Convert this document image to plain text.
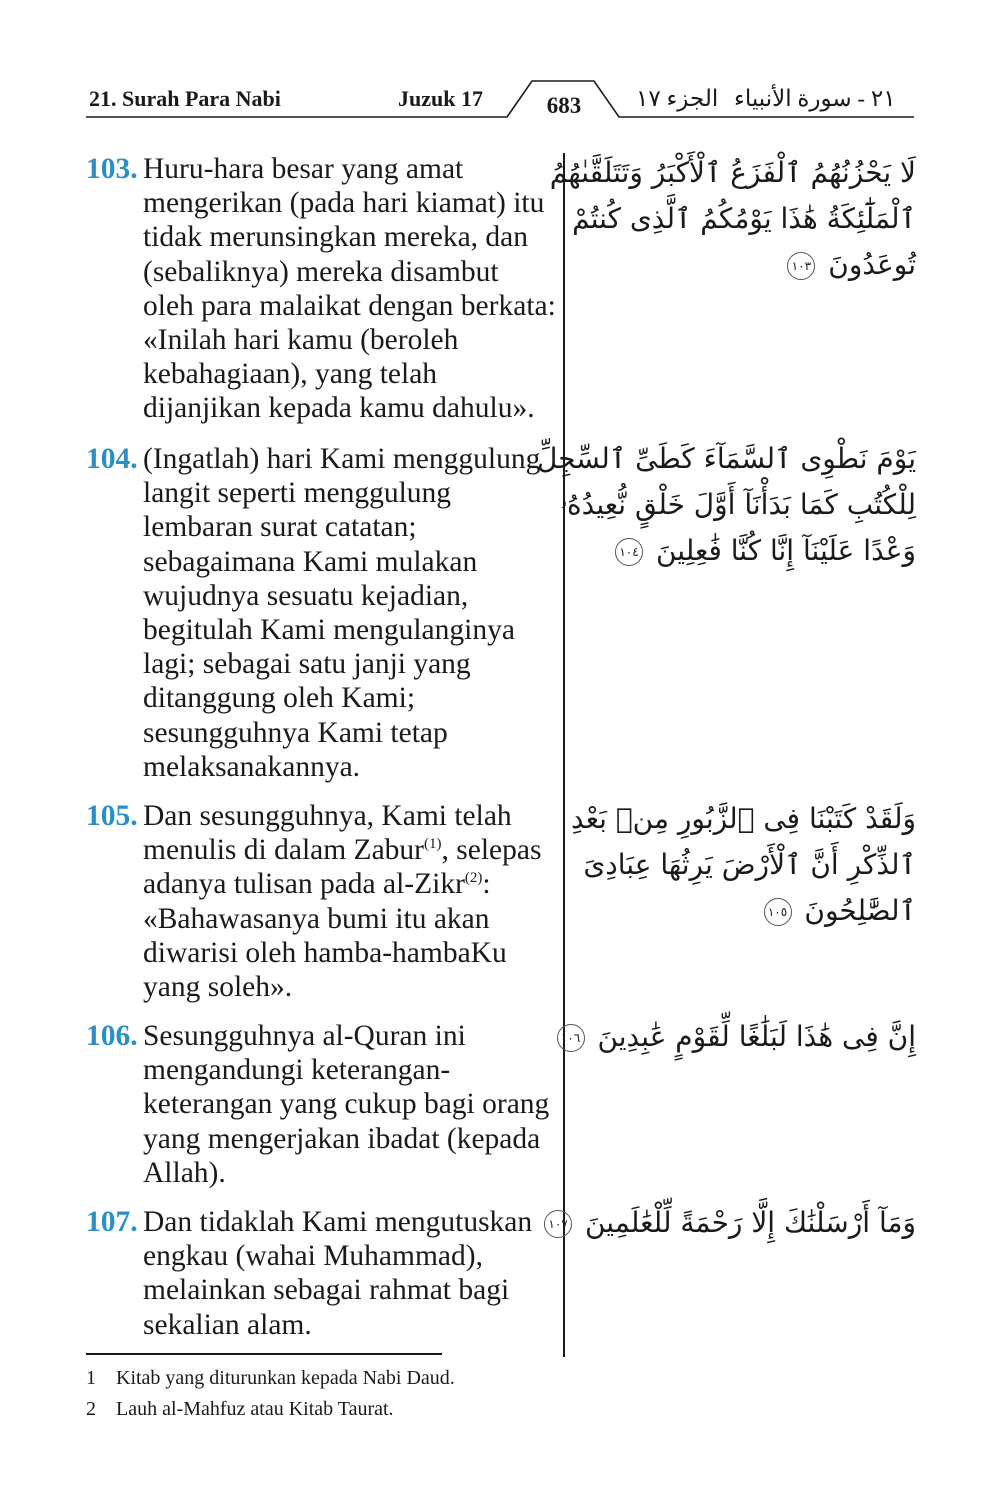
21. Surah Para Nabi	Juzuk 17	الجزء ١٧ ٢١ - سورة الأنبياء
683
103. Huru-hara besar yang amat mengerikan (pada hari kiamat) itu tidak merunsingkan mereka, dan (sebaliknya) mereka disambut oleh para malaikat dengan berkata: «Inilah hari kamu (beroleh kebahagiaan), yang telah dijanjikan kepada kamu dahulu».

لَا يَحْزُنُهُمُ ٱلْفَزَعُ ٱلْأَكْبَرُ وَتَتَلَقَّىٰهُمُ

ٱلْمَلَٰٓئِكَةُ هَٰذَا يَوْمُكُمُ ٱلَّذِى كُنتُمْ

تُوعَدُونَ ١٠٣

104. (Ingatlah) hari Kami menggulung langit seperti menggulung lembaran surat catatan; sebagaimana Kami mulakan wujudnya sesuatu kejadian, begitulah Kami mengulanginya lagi; sebagai satu janji yang ditanggung oleh Kami; sesungguhnya Kami tetap melaksanakannya.

يَوْمَ نَطْوِى ٱلسَّمَآءَ كَطَىِّ ٱلسِّجِلِّ

لِلْكُتُبِ كَمَا بَدَأْنَآ أَوَّلَ خَلْقٍ نُّعِيدُهُۥ

وَعْدًا عَلَيْنَآ إِنَّا كُنَّا فَٰعِلِينَ ١٠٤

105. Dan sesungguhnya, Kami telah menulis di dalam Zabur$^{(1)}$, selepas adanya tulisan pada al-Zikr$^{(2)}$: «Bahawasanya bumi itu akan diwarisi oleh hamba-hambaKu yang soleh».

وَلَقَدْ كَتَبْنَا فِى ٱلزَّبُورِ مِنۢ بَعْدِ

ٱلذِّكْرِ أَنَّ ٱلْأَرْضَ يَرِثُهَا عِبَادِىَ

ٱلصَّٰلِحُونَ ١٠٥

106. Sesungguhnya al-Quran ini mengandungi keterangan-keterangan yang cukup bagi orang yang mengerjakan ibadat (kepada Allah).

إِنَّ فِى هَٰذَا لَبَلَٰغًا لِّقَوْمٍ عَٰبِدِينَ ١٠٦

107. Dan tidaklah Kami mengutuskan engkau (wahai Muhammad), melainkan sebagai rahmat bagi sekalian alam.

وَمَآ أَرْسَلْنَٰكَ إِلَّا رَحْمَةً لِّلْعَٰلَمِينَ ١٠٧

1 Kitab yang diturunkan kepada Nabi Daud.
2 Lauh al-Mahfuz atau Kitab Taurat.
